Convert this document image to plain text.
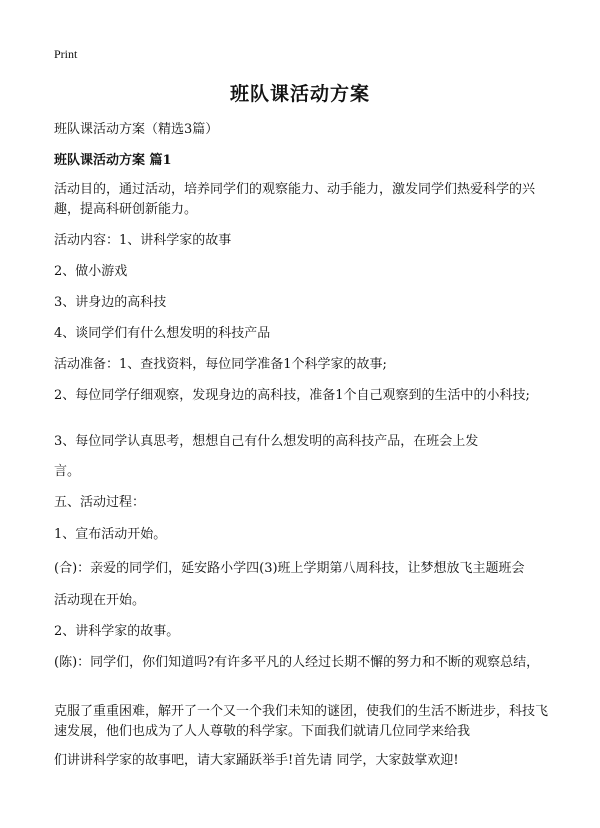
Print
班队课活动方案
班队课活动方案（精选3篇）
班队课活动方案 篇1
活动目的，通过活动，培养同学们的观察能力、动手能力，激发同学们热爱科学的兴趣，提高科研创新能力。
活动内容：1、讲科学家的故事
2、做小游戏
3、讲身边的高科技
4、谈同学们有什么想发明的科技产品
活动准备：1、查找资料，每位同学准备1个科学家的故事;
2、每位同学仔细观察，发现身边的高科技，准备1个自己观察到的生活中的小科技;
3、每位同学认真思考，想想自己有什么想发明的高科技产品，在班会上发
言。
五、活动过程：
1、宣布活动开始。
(合)：亲爱的同学们，延安路小学四(3)班上学期第八周科技，让梦想放飞主题班会
活动现在开始。
2、讲科学家的故事。
(陈)：同学们，你们知道吗?有许多平凡的人经过长期不懈的努力和不断的观察总结，
克服了重重困难，解开了一个又一个我们未知的谜团，使我们的生活不断进步，科技飞速发展，他们也成为了人人尊敬的科学家。下面我们就请几位同学来给我
们讲讲科学家的故事吧，请大家踊跃举手!首先请 同学，大家鼓掌欢迎!
